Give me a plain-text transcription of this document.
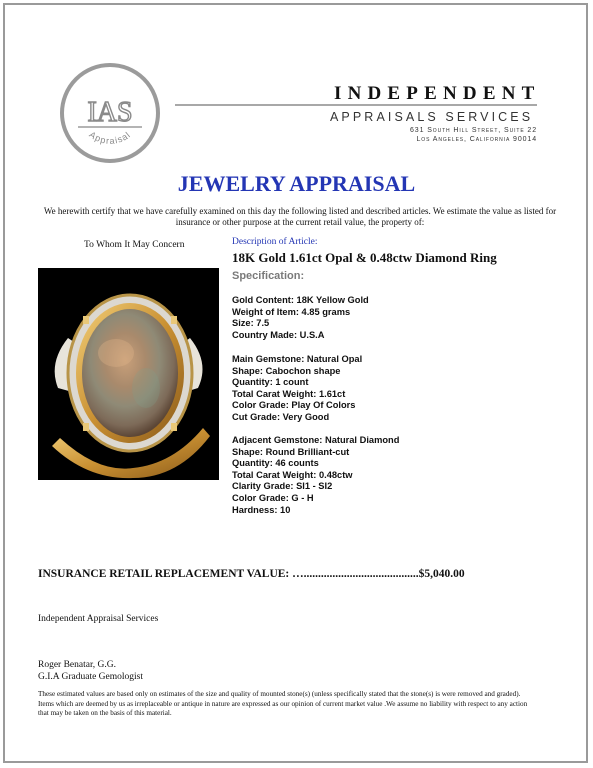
IAS
Appraisal
INDEPENDENT
APPRAISALS SERVICES
631 South Hill Street, Suite 22
Los Angeles, California 90014
JEWELRY APPRAISAL
We herewith certify that we have carefully examined on this day the following listed and described articles. We estimate the value as listed for insurance or other purpose at the current retail value, the property of:
To Whom It May Concern	Description of Article:
18K Gold 1.61ct Opal & 0.48ctw Diamond Ring
Specification:
Gold Content: 18K Yellow Gold
Weight of Item: 4.85 grams
Size: 7.5
Country Made: U.S.A
Main Gemstone: Natural Opal
Shape: Cabochon shape
Quantity: 1 count
Total Carat Weight: 1.61ct
Color Grade: Play Of Colors
Cut Grade: Very Good
Adjacent Gemstone: Natural Diamond
Shape: Round Brilliant-cut
Quantity: 46 counts
Total Carat Weight: 0.48ctw
Clarity Grade: SI1 - SI2
Color Grade: G - H
Hardness: 10
INSURANCE RETAIL REPLACEMENT VALUE: …........................................$5,040.00
Independent Appraisal Services
Roger Benatar, G.G.
G.I.A Graduate Gemologist
These estimated values are based only on estimates of the size and quality of mounted stone(s) (unless specifically stated that the stone(s) is were removed and graded). Items which are deemed by us as irreplaceable or antique in nature are expressed as our opinion of current market value .We assume no liability with respect to any action that may be taken on the basis of this material.
